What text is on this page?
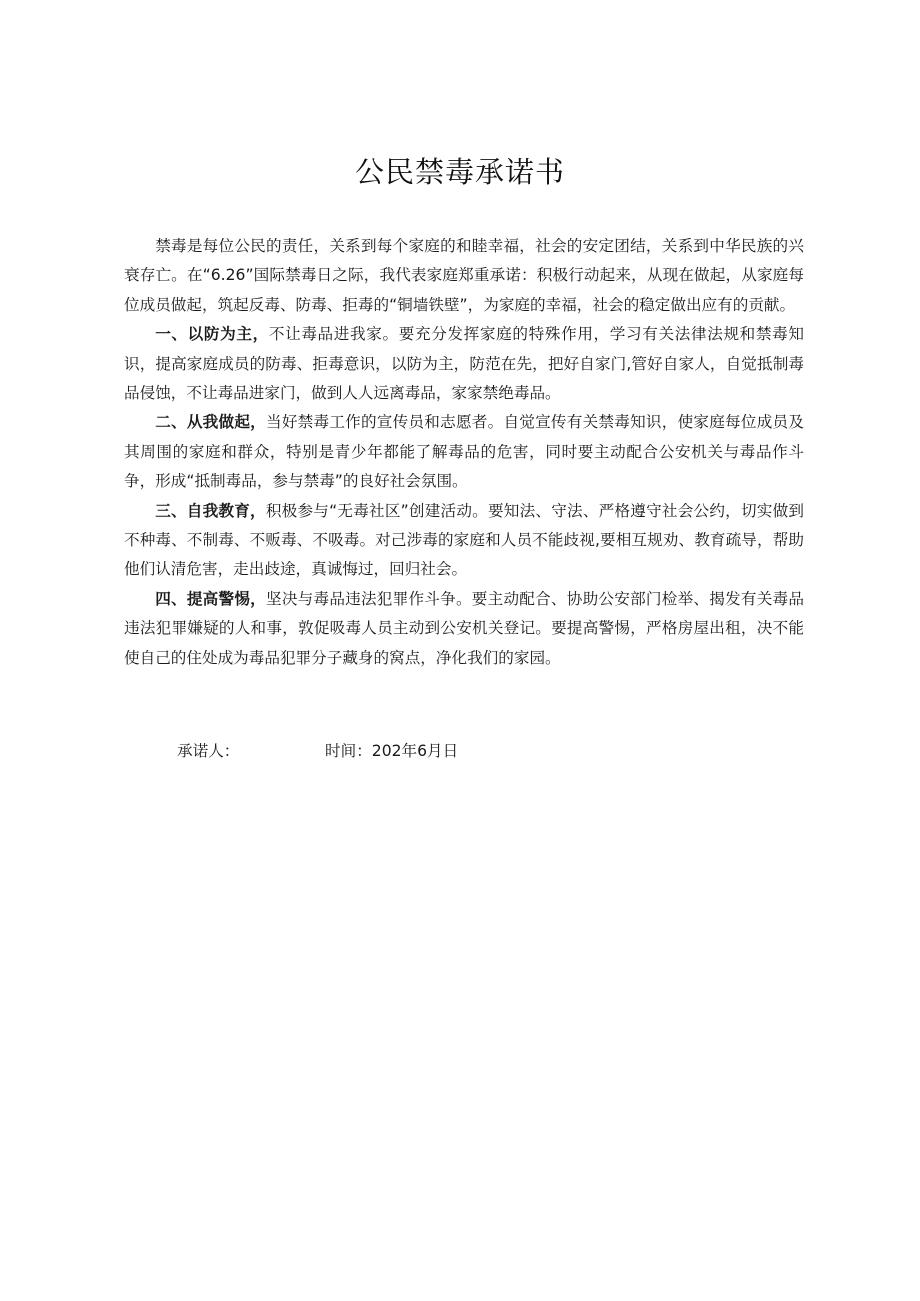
公民禁毒承诺书

禁毒是每位公民的责任，关系到每个家庭的和睦幸福，社会的安定团结，关系到中华民族的兴衰存亡。在“6.26”国际禁毒日之际，我代表家庭郑重承诺：积极行动起来，从现在做起，从家庭每位成员做起，筑起反毒、防毒、拒毒的“铜墙铁壁”，为家庭的幸福，社会的稳定做出应有的贡献。

一、以防为主，不让毒品进我家。要充分发挥家庭的特殊作用，学习有关法律法规和禁毒知识，提高家庭成员的防毒、拒毒意识，以防为主，防范在先，把好自家门,管好自家人，自觉抵制毒品侵蚀，不让毒品进家门，做到人人远离毒品，家家禁绝毒品。

二、从我做起，当好禁毒工作的宣传员和志愿者。自觉宣传有关禁毒知识，使家庭每位成员及其周围的家庭和群众，特别是青少年都能了解毒品的危害，同时要主动配合公安机关与毒品作斗争，形成“抵制毒品，参与禁毒”的良好社会氛围。

三、自我教育，积极参与“无毒社区”创建活动。要知法、守法、严格遵守社会公约，切实做到不种毒、不制毒、不贩毒、不吸毒。对己涉毒的家庭和人员不能歧视,要相互规劝、教育疏导，帮助他们认清危害，走出歧途，真诚悔过，回归社会。

四、提高警惕，坚决与毒品违法犯罪作斗争。要主动配合、协助公安部门检举、揭发有关毒品违法犯罪嫌疑的人和事，敦促吸毒人员主动到公安机关登记。要提高警惕，严格房屋出租，决不能使自己的住处成为毒品犯罪分子藏身的窝点，净化我们的家园。

承诺人：	时间：202年6月日
